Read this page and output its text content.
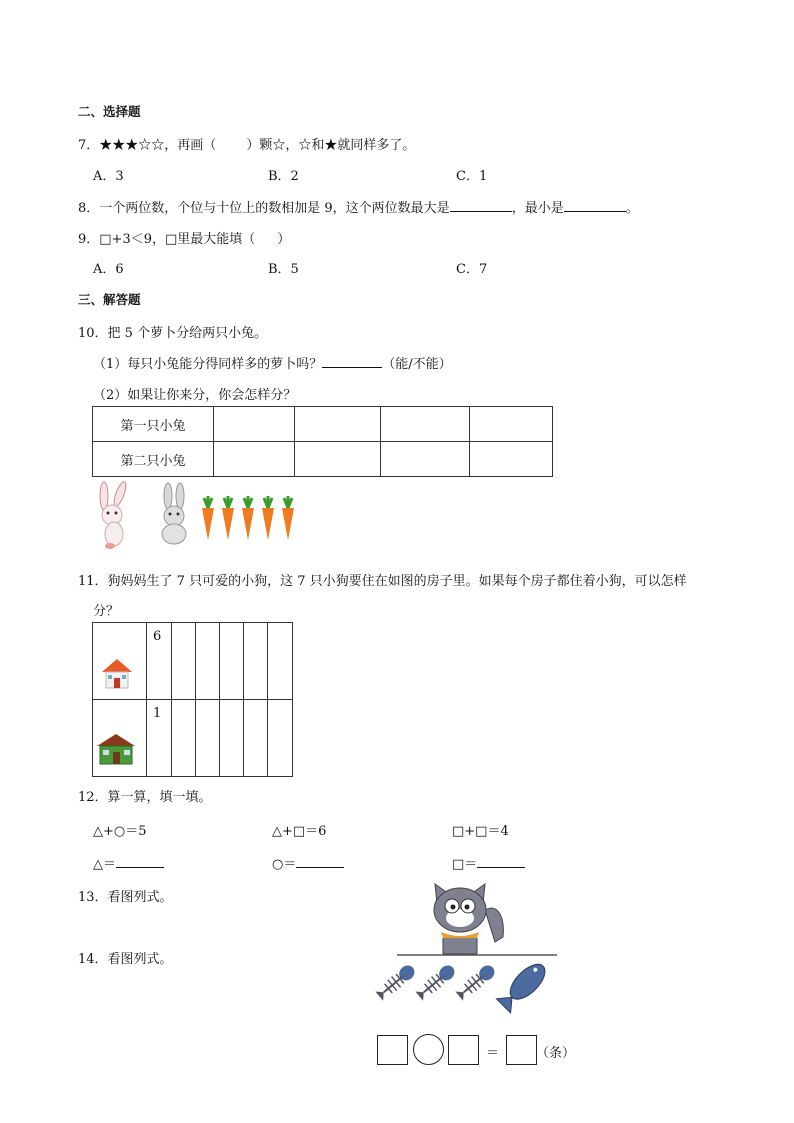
二、选择题
7．★★★☆☆，再画（ ）颗☆，☆和★就同样多了。
A．3	B．2	C．1
8．一个两位数，个位与十位上的数相加是 9，这个两位数最大是	，最小是	。
9．□+3＜9，□里最大能填（ ）
A．6	B．5	C．7
三、解答题
10．把 5 个萝卜分给两只小兔。
（1）每只小兔能分得同样多的萝卜吗？	（能/不能）
（2）如果让你来分，你会怎样分？
第一只小兔				
第二只小兔				
11．狗妈妈生了 7 只可爱的小狗，这 7 只小狗要住在如图的房子里。如果每个房子都住着小狗，可以怎样
分？
	6					

	1					
12．算一算，填一填。
△+○＝5	△+□＝6	□+□＝4
△＝	○＝	□＝
13．看图列式。
14．看图列式。
＝	（条）
